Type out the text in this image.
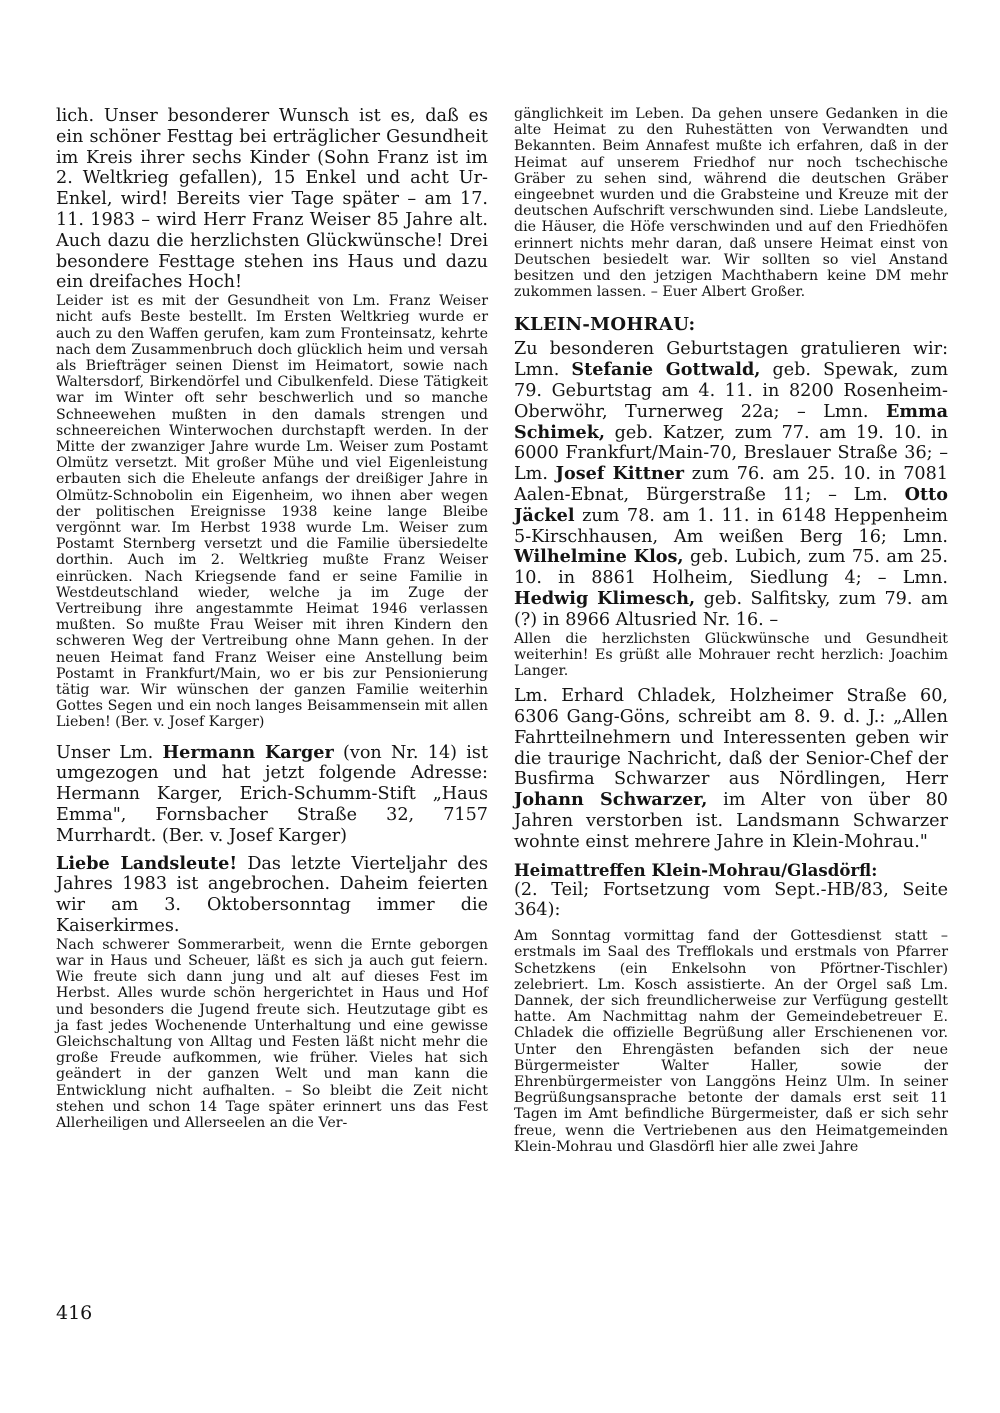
lich. Unser besonderer Wunsch ist es, daß es ein schöner Festtag bei erträglicher Gesundheit im Kreis ihrer sechs Kinder (Sohn Franz ist im 2. Weltkrieg gefallen), 15 Enkel und acht Ur-Enkel, wird! Bereits vier Tage später – am 17. 11. 1983 – wird Herr Franz Weiser 85 Jahre alt. Auch dazu die herzlichsten Glückwünsche! Drei besondere Festtage stehen ins Haus und dazu ein dreifaches Hoch!

Leider ist es mit der Gesundheit von Lm. Franz Weiser nicht aufs Beste bestellt. Im Ersten Weltkrieg wurde er auch zu den Waffen gerufen, kam zum Fronteinsatz, kehrte nach dem Zusammenbruch doch glücklich heim und versah als Briefträger seinen Dienst im Heimatort, sowie nach Waltersdorf, Birkendörfel und Cibulkenfeld. Diese Tätigkeit war im Winter oft sehr beschwerlich und so manche Schneewehen mußten in den damals strengen und schneereichen Winterwochen durchstapft werden. In der Mitte der zwanziger Jahre wurde Lm. Weiser zum Postamt Olmütz versetzt. Mit großer Mühe und viel Eigenleistung erbauten sich die Eheleute anfangs der dreißiger Jahre in Olmütz-Schnobolin ein Eigenheim, wo ihnen aber wegen der politischen Ereignisse 1938 keine lange Bleibe vergönnt war. Im Herbst 1938 wurde Lm. Weiser zum Postamt Sternberg versetzt und die Familie übersiedelte dorthin. Auch im 2. Weltkrieg mußte Franz Weiser einrücken. Nach Kriegsende fand er seine Familie in Westdeutschland wieder, welche ja im Zuge der Vertreibung ihre angestammte Heimat 1946 verlassen mußten. So mußte Frau Weiser mit ihren Kindern den schweren Weg der Vertreibung ohne Mann gehen. In der neuen Heimat fand Franz Weiser eine Anstellung beim Postamt in Frankfurt/Main, wo er bis zur Pensionierung tätig war. Wir wünschen der ganzen Familie weiterhin Gottes Segen und ein noch langes Beisammensein mit allen Lieben! (Ber. v. Josef Karger)

Unser Lm. Hermann Karger (von Nr. 14) ist umgezogen und hat jetzt folgende Adresse: Hermann Karger, Erich-Schumm-Stift „Haus Emma", Fornsbacher Straße 32, 7157 Murrhardt. (Ber. v. Josef Karger)

Liebe Landsleute! Das letzte Vierteljahr des Jahres 1983 ist angebrochen. Daheim feierten wir am 3. Oktobersonntag immer die Kaiserkirmes.

Nach schwerer Sommerarbeit, wenn die Ernte geborgen war in Haus und Scheuer, läßt es sich ja auch gut feiern. Wie freute sich dann jung und alt auf dieses Fest im Herbst. Alles wurde schön hergerichtet in Haus und Hof und besonders die Jugend freute sich. Heutzutage gibt es ja fast jedes Wochenende Unterhaltung und eine gewisse Gleichschaltung von Alltag und Festen läßt nicht mehr die große Freude aufkommen, wie früher. Vieles hat sich geändert in der ganzen Welt und man kann die Entwicklung nicht aufhalten. – So bleibt die Zeit nicht stehen und schon 14 Tage später erinnert uns das Fest Allerheiligen und Allerseelen an die Ver-

gänglichkeit im Leben. Da gehen unsere Gedanken in die alte Heimat zu den Ruhestätten von Verwandten und Bekannten. Beim Annafest mußte ich erfahren, daß in der Heimat auf unserem Friedhof nur noch tschechische Gräber zu sehen sind, während die deutschen Gräber eingeebnet wurden und die Grabsteine und Kreuze mit der deutschen Aufschrift verschwunden sind. Liebe Landsleute, die Häuser, die Höfe verschwinden und auf den Friedhöfen erinnert nichts mehr daran, daß unsere Heimat einst von Deutschen besiedelt war. Wir sollten so viel Anstand besitzen und den jetzigen Machthabern keine DM mehr zukommen lassen. – Euer Albert Großer.

KLEIN-MOHRAU:

Zu besonderen Geburtstagen gratulieren wir: Lmn. Stefanie Gottwald, geb. Spewak, zum 79. Geburtstag am 4. 11. in 8200 Rosenheim-Oberwöhr, Turnerweg 22a; – Lmn. Emma Schimek, geb. Katzer, zum 77. am 19. 10. in 6000 Frankfurt/Main-70, Breslauer Straße 36; – Lm. Josef Kittner zum 76. am 25. 10. in 7081 Aalen-Ebnat, Bürgerstraße 11; – Lm. Otto Jäckel zum 78. am 1. 11. in 6148 Heppenheim 5-Kirschhausen, Am weißen Berg 16; Lmn. Wilhelmine Klos, geb. Lubich, zum 75. am 25. 10. in 8861 Holheim, Siedlung 4; – Lmn. Hedwig Klimesch, geb. Salfitsky, zum 79. am (?) in 8966 Altusried Nr. 16. –

Allen die herzlichsten Glückwünsche und Gesundheit weiterhin! Es grüßt alle Mohrauer recht herzlich: Joachim Langer.

Lm. Erhard Chladek, Holzheimer Straße 60, 6306 Gang-Göns, schreibt am 8. 9. d. J.: „Allen Fahrtteilnehmern und Interessenten geben wir die traurige Nachricht, daß der Senior-Chef der Busfirma Schwarzer aus Nördlingen, Herr Johann Schwarzer, im Alter von über 80 Jahren verstorben ist. Landsmann Schwarzer wohnte einst mehrere Jahre in Klein-Mohrau."

Heimattreffen Klein-Mohrau/Glasdörfl:

(2. Teil; Fortsetzung vom Sept.-HB/83, Seite 364):

Am Sonntag vormittag fand der Gottesdienst statt – erstmals im Saal des Trefflokals und erstmals von Pfarrer Schetzkens (ein Enkelsohn von Pförtner-Tischler) zelebriert. Lm. Kosch assistierte. An der Orgel saß Lm. Dannek, der sich freundlicherweise zur Verfügung gestellt hatte. Am Nachmittag nahm der Gemeindebetreuer E. Chladek die offizielle Begrüßung aller Erschienenen vor. Unter den Ehrengästen befanden sich der neue Bürgermeister Walter Haller, sowie der Ehrenbürgermeister von Langgöns Heinz Ulm. In seiner Begrüßungsansprache betonte der damals erst seit 11 Tagen im Amt befindliche Bürgermeister, daß er sich sehr freue, wenn die Vertriebenen aus den Heimatgemeinden Klein-Mohrau und Glasdörfl hier alle zwei Jahre

416
